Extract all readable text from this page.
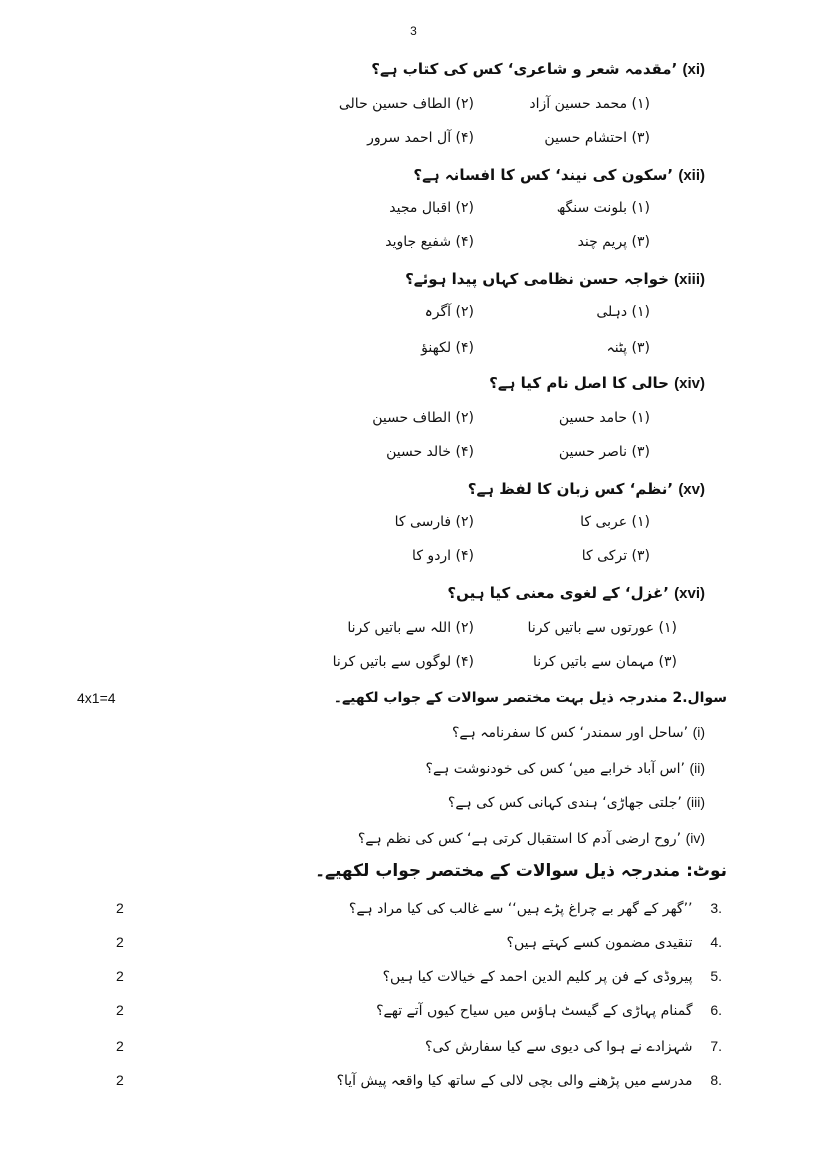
3
(xi) ’مقدمہ شعر و شاعری‘ کس کی کتاب ہے؟
(۱) محمد حسین آزاد
(۲) الطاف حسین حالی
(۳) احتشام حسین
(۴) آل احمد سرور
(xii) ’سکون کی نیند‘ کس کا افسانہ ہے؟
(۱) بلونت سنگھ
(۲) اقبال مجید
(۳) پریم چند
(۴) شفیع جاوید
(xiii) خواجہ حسن نظامی کہاں پیدا ہوئے؟
(۱) دہلی
(۲) آگرہ
(۳) پٹنہ
(۴) لکھنؤ
(xiv) حالی کا اصل نام کیا ہے؟
(۱) حامد حسین
(۲) الطاف حسین
(۳) ناصر حسین
(۴) خالد حسین
(xv) ’نظم‘ کس زبان کا لفظ ہے؟
(۱) عربی کا
(۲) فارسی کا
(۳) ترکی کا
(۴) اردو کا
(xvi) ’غزل‘ کے لغوی معنی کیا ہیں؟
(۱) عورتوں سے باتیں کرنا
(۲) اللہ سے باتیں کرنا
(۳) مہمان سے باتیں کرنا
(۴) لوگوں سے باتیں کرنا
سوال.2 مندرجہ ذیل بہت مختصر سوالات کے جواب لکھیے۔
4x1=4
(i) ’ساحل اور سمندر‘ کس کا سفرنامہ ہے؟
(ii) ’اس آباد خرابے میں‘ کس کی خودنوشت ہے؟
(iii) ’جلتی جھاڑی‘ ہندی کہانی کس کی ہے؟
(iv) ’روح ارضی آدم کا استقبال کرتی ہے‘ کس کی نظم ہے؟
نوٹ: مندرجہ ذیل سوالات کے مختصر جواب لکھیے۔
3.    ’’گھر کے گھر بے چراغ پڑے ہیں‘‘ سے غالب کی کیا مراد ہے؟
2
4.    تنقیدی مضمون کسے کہتے ہیں؟
2
5.    پیروڈی کے فن پر کلیم الدین احمد کے خیالات کیا ہیں؟
2
6.    گمنام پہاڑی کے گیسٹ ہاؤس میں سیاح کیوں آتے تھے؟
2
7.    شہزادے نے ہوا کی دیوی سے کیا سفارش کی؟
2
8.    مدرسے میں پڑھنے والی بچی لالی کے ساتھ کیا واقعہ پیش آیا؟
2
